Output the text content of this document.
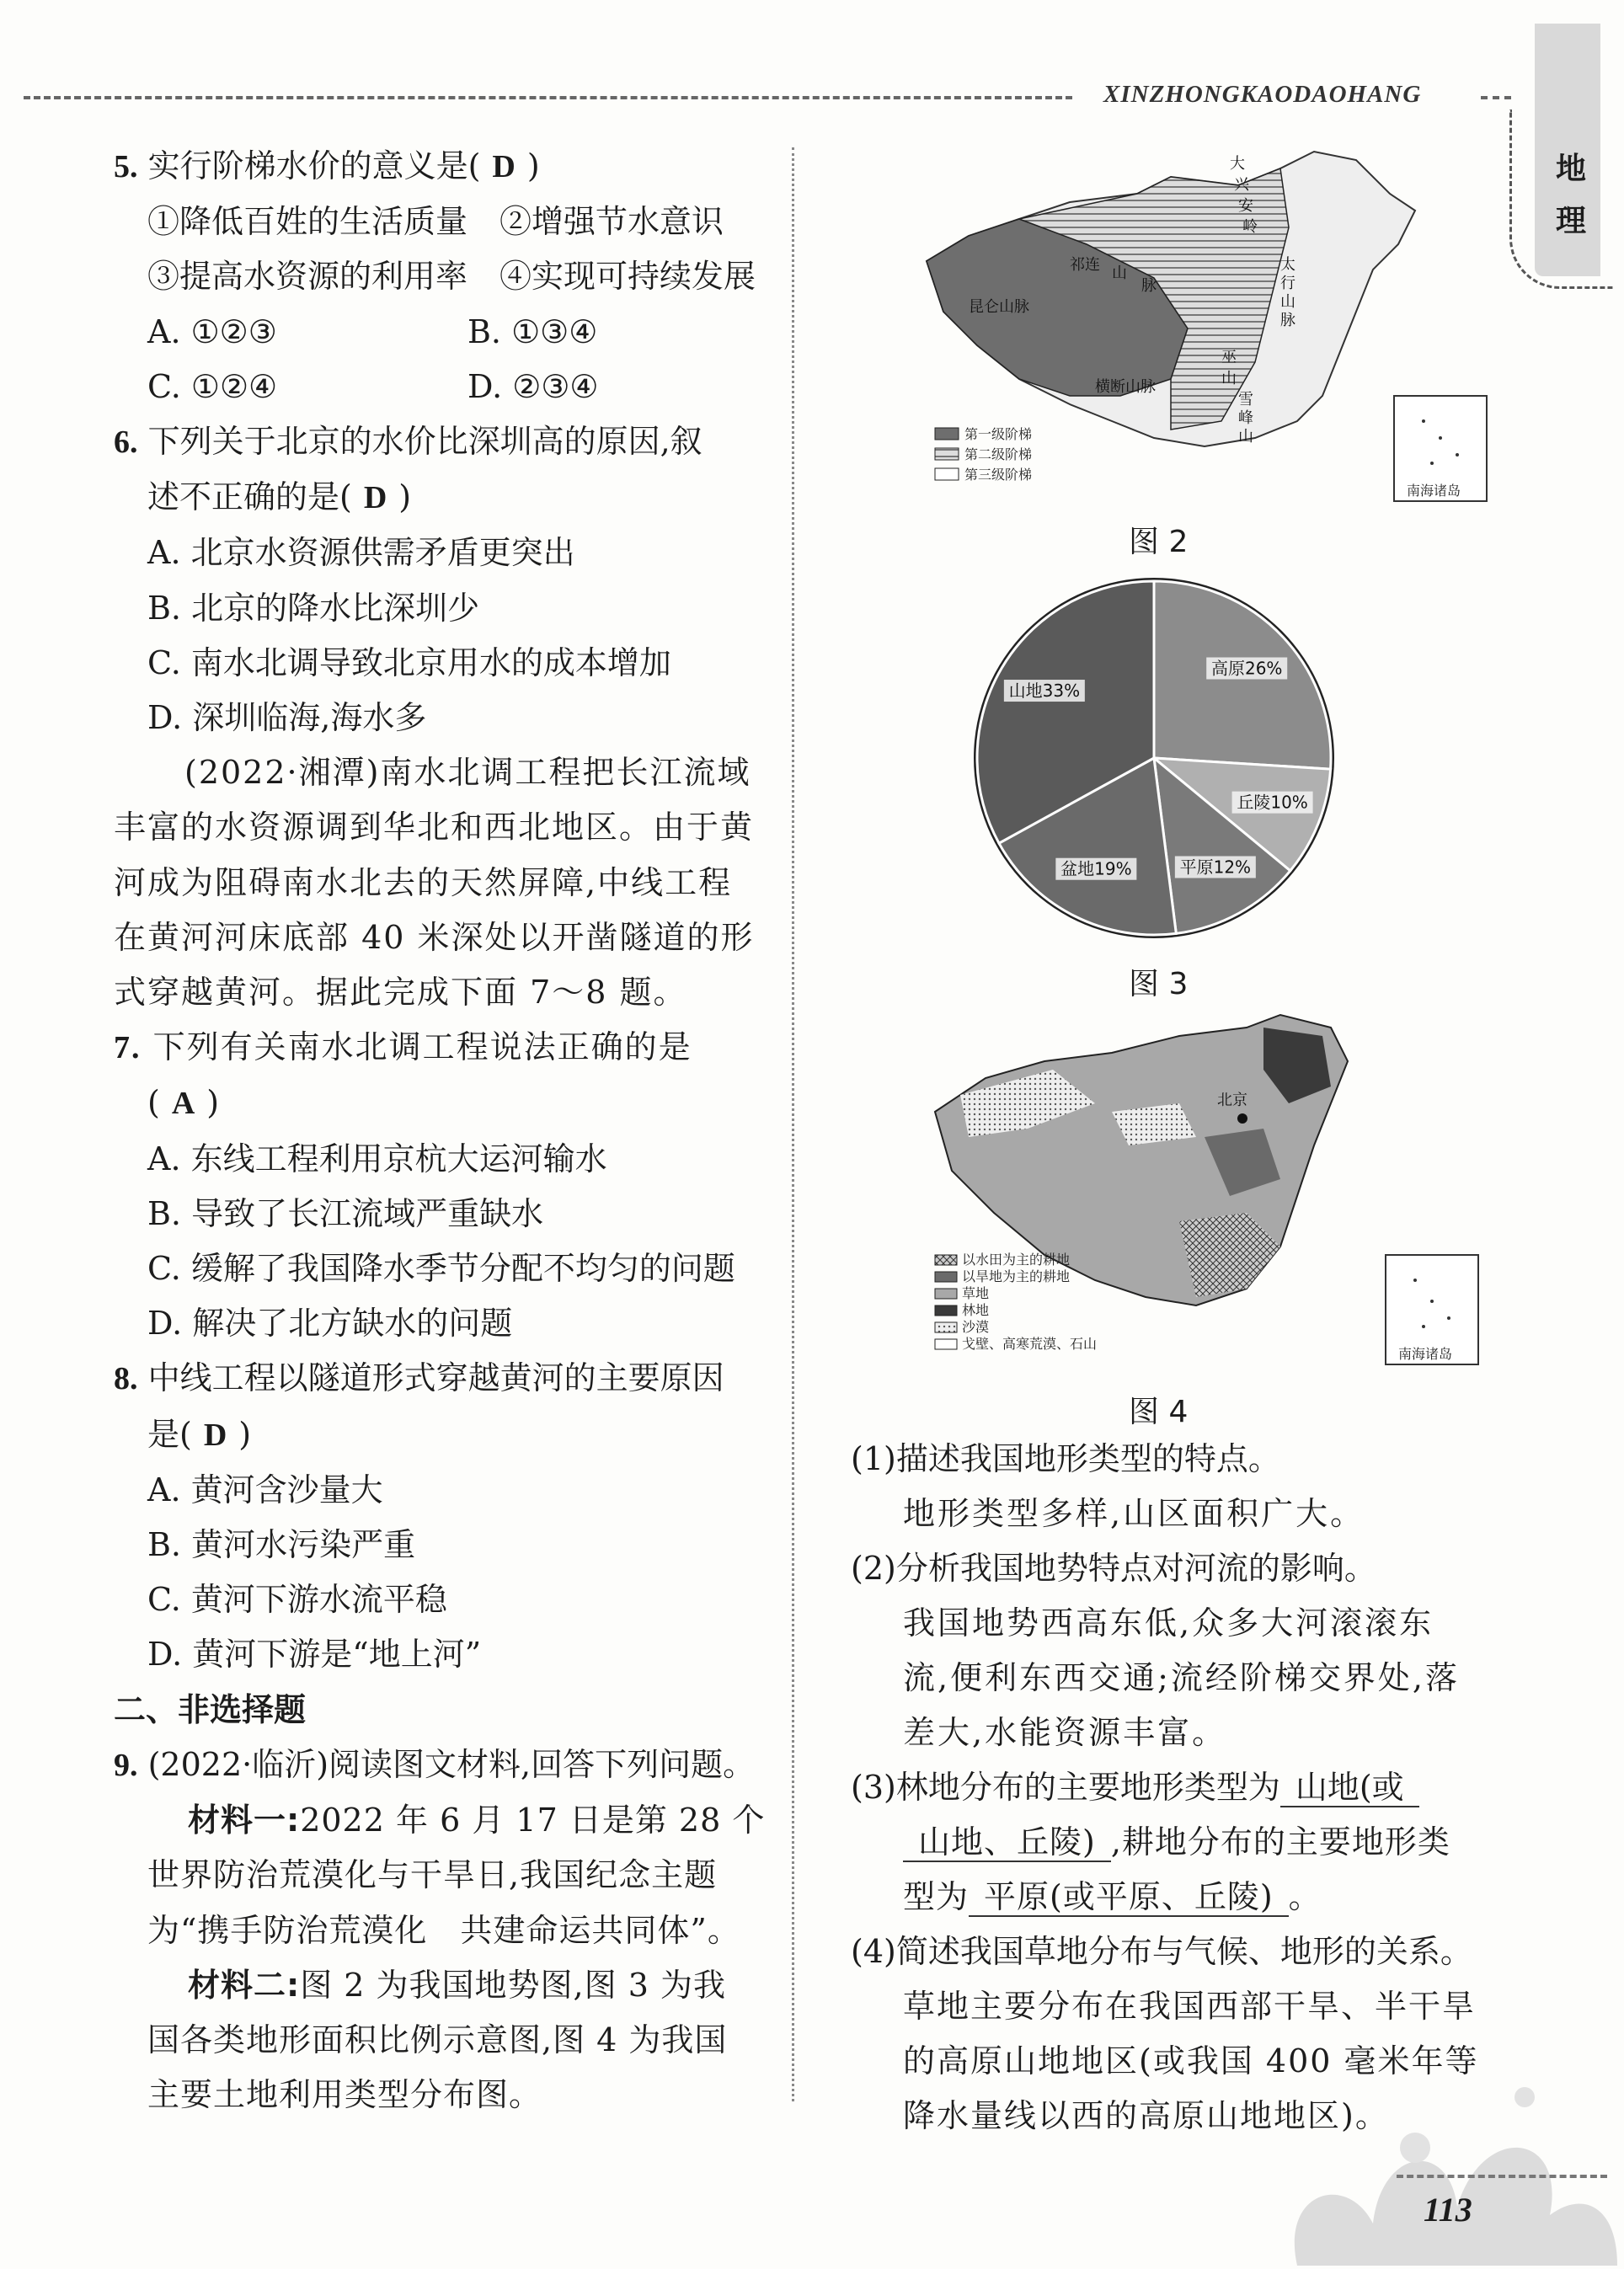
XINZHONGKAODAOHANG
地理

5. 实行阶梯水价的意义是( D )

①降低百姓的生活质量　 ②增强节水意识

③提高水资源的利用率　 ④实现可持续发展

A. ①②③	B. ①③④

C. ①②④	D. ②③④

6. 下列关于北京的水价比深圳高的原因,叙

述不正确的是( D )

A. 北京水资源供需矛盾更突出

B. 北京的降水比深圳少

C. 南水北调导致北京用水的成本增加

D. 深圳临海,海水多

(2022·湘潭)南水北调工程把长江流域

丰富的水资源调到华北和西北地区。由于黄

河成为阻碍南水北去的天然屏障,中线工程

在黄河河床底部 40 米深处以开凿隧道的形

式穿越黄河。据此完成下面 7～8 题。

7. 下列有关南水北调工程说法正确的是

( A )

A. 东线工程利用京杭大运河输水

B. 导致了长江流域严重缺水

C. 缓解了我国降水季节分配不均匀的问题

D. 解决了北方缺水的问题

8. 中线工程以隧道形式穿越黄河的主要原因

是( D )

A. 黄河含沙量大

B. 黄河水污染严重

C. 黄河下游水流平稳

D. 黄河下游是“地上河”

二、非选择题

9. (2022·临沂)阅读图文材料,回答下列问题。

材料一:2022 年 6 月 17 日是第 28 个

世界防治荒漠化与干旱日,我国纪念主题

为“携手防治荒漠化　共建命运共同体”。

材料二:图 2 为我国地势图,图 3 为我

国各类地形面积比例示意图,图 4 为我国

主要土地利用类型分布图。

大
兴
安
岭
太
行
山
脉
巫
山
雪
峰
山
祁连 山
脉
昆仑山脉
横断山脉
第一级阶梯
第二级阶梯
第三级阶梯
南海诸岛
图 2
高原26%
丘陵10%
平原12%
盆地19%
山地33%
图 3
北京
以水田为主的耕地
以旱地为主的耕地
草地
林地
沙漠
戈壁、高寒荒漠、石山
南海诸岛
图 4

(1)描述我国地形类型的特点。

地形类型多样,山区面积广大。

(2)分析我国地势特点对河流的影响。

我国地势西高东低,众多大河滚滚东

流,便利东西交通;流经阶梯交界处,落

差大,水能资源丰富。

(3)林地分布的主要地形类型为 山地(或

山地、丘陵) ,耕地分布的主要地形类

型为 平原(或平原、丘陵) 。

(4)简述我国草地分布与气候、地形的关系。

草地主要分布在我国西部干旱、半干旱

的高原山地地区(或我国 400 毫米年等

降水量线以西的高原山地地区)。

113
